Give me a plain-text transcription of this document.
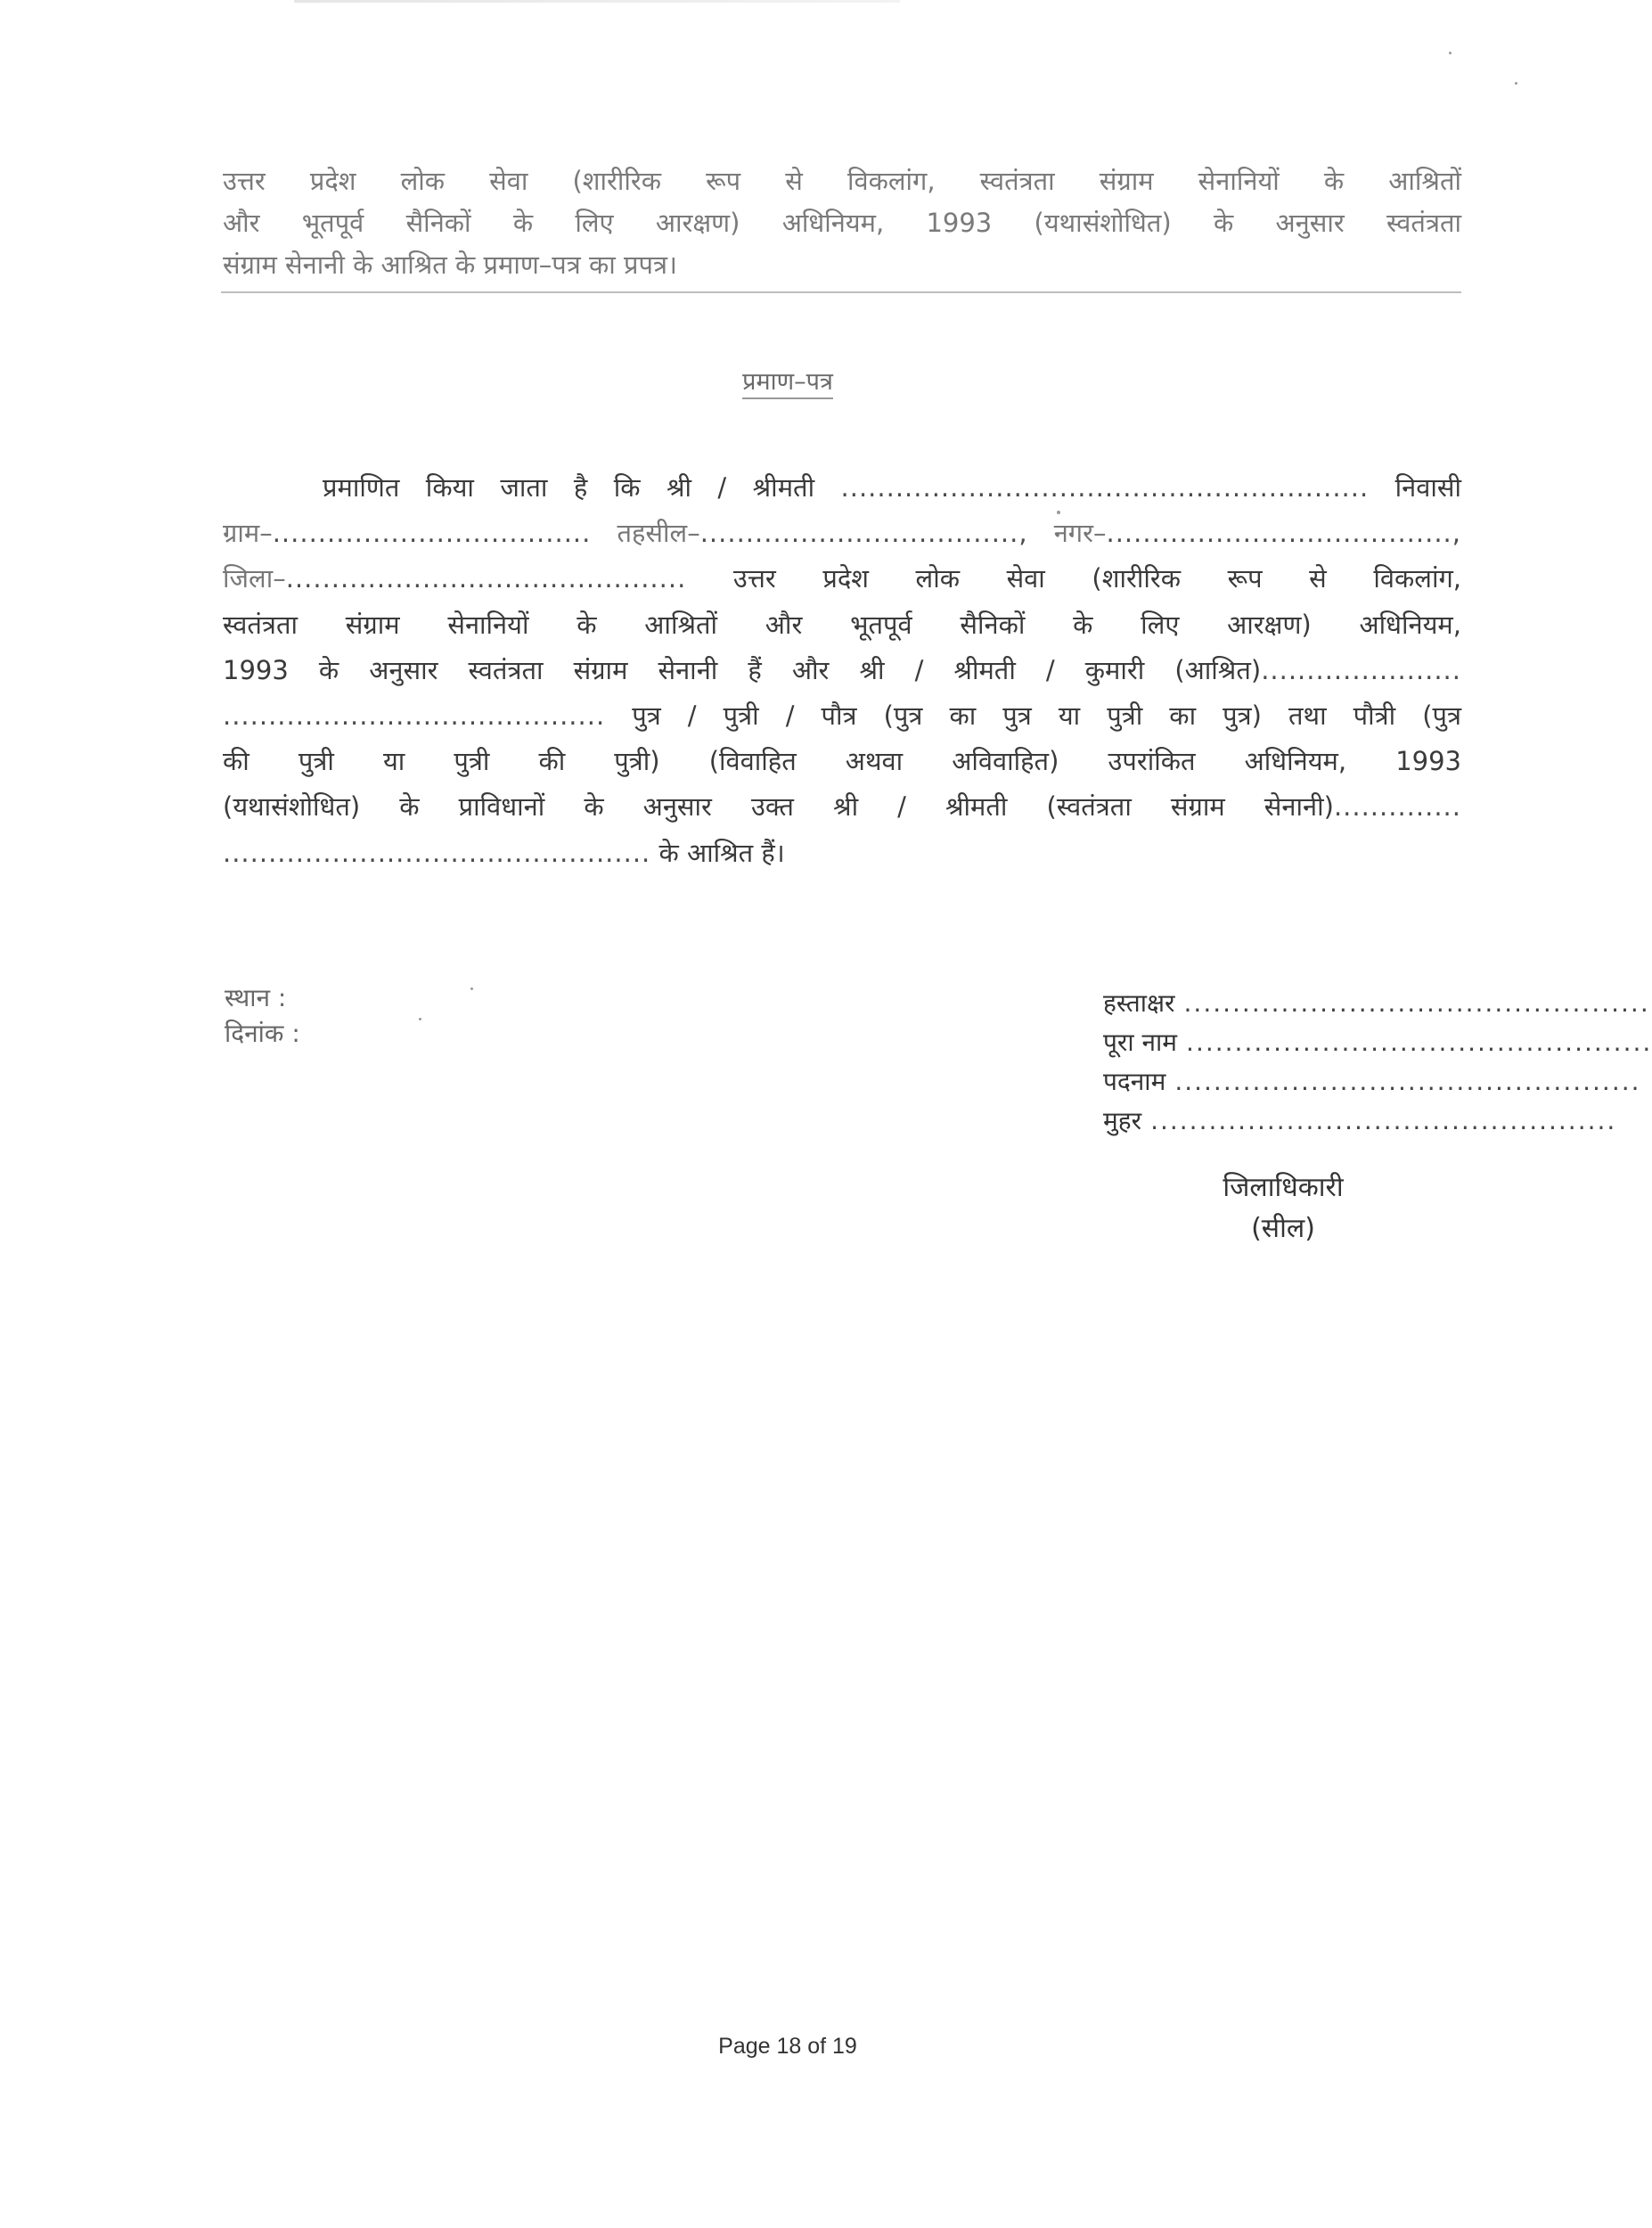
उत्तर प्रदेश लोक सेवा (शारीरिक रूप से विकलांग, स्वतंत्रता संग्राम सेनानियों के आश्रितों
और भूतपूर्व सैनिकों के लिए आरक्षण) अधिनियम, 1993 (यथासंशोधित) के अनुसार स्वतंत्रता
संग्राम सेनानी के आश्रित के प्रमाण–पत्र का प्रपत्र।
प्रमाण–पत्र
प्रमाणित किया जाता है कि श्री / श्रीमती .......................................................... निवासी
ग्राम–................................... तहसील–..................................., नगर–......................................,
जिला–............................................ उत्तर प्रदेश लोक सेवा (शारीरिक रूप से विकलांग,
स्वतंत्रता संग्राम सेनानियों के आश्रितों और भूतपूर्व सैनिकों के लिए आरक्षण) अधिनियम,
1993 के अनुसार स्वतंत्रता संग्राम सेनानी हैं और श्री / श्रीमती / कुमारी (आश्रित)......................
.......................................... पुत्र / पुत्री / पौत्र (पुत्र का पुत्र या पुत्री का पुत्र) तथा पौत्री (पुत्र
की पुत्री या पुत्री की पुत्री) (विवाहित अथवा अविवाहित) उपरांकित अधिनियम, 1993
(यथासंशोधित) के प्राविधानों के अनुसार उक्त श्री / श्रीमती (स्वतंत्रता संग्राम सेनानी)..............
............................................... के आश्रित हैं।
स्थान :
दिनांक :
हस्ताक्षर ................................................
पूरा नाम ................................................
पदनाम ................................................
मुहर ................................................
जिलाधिकारी
(सील)
Page 18 of 19
